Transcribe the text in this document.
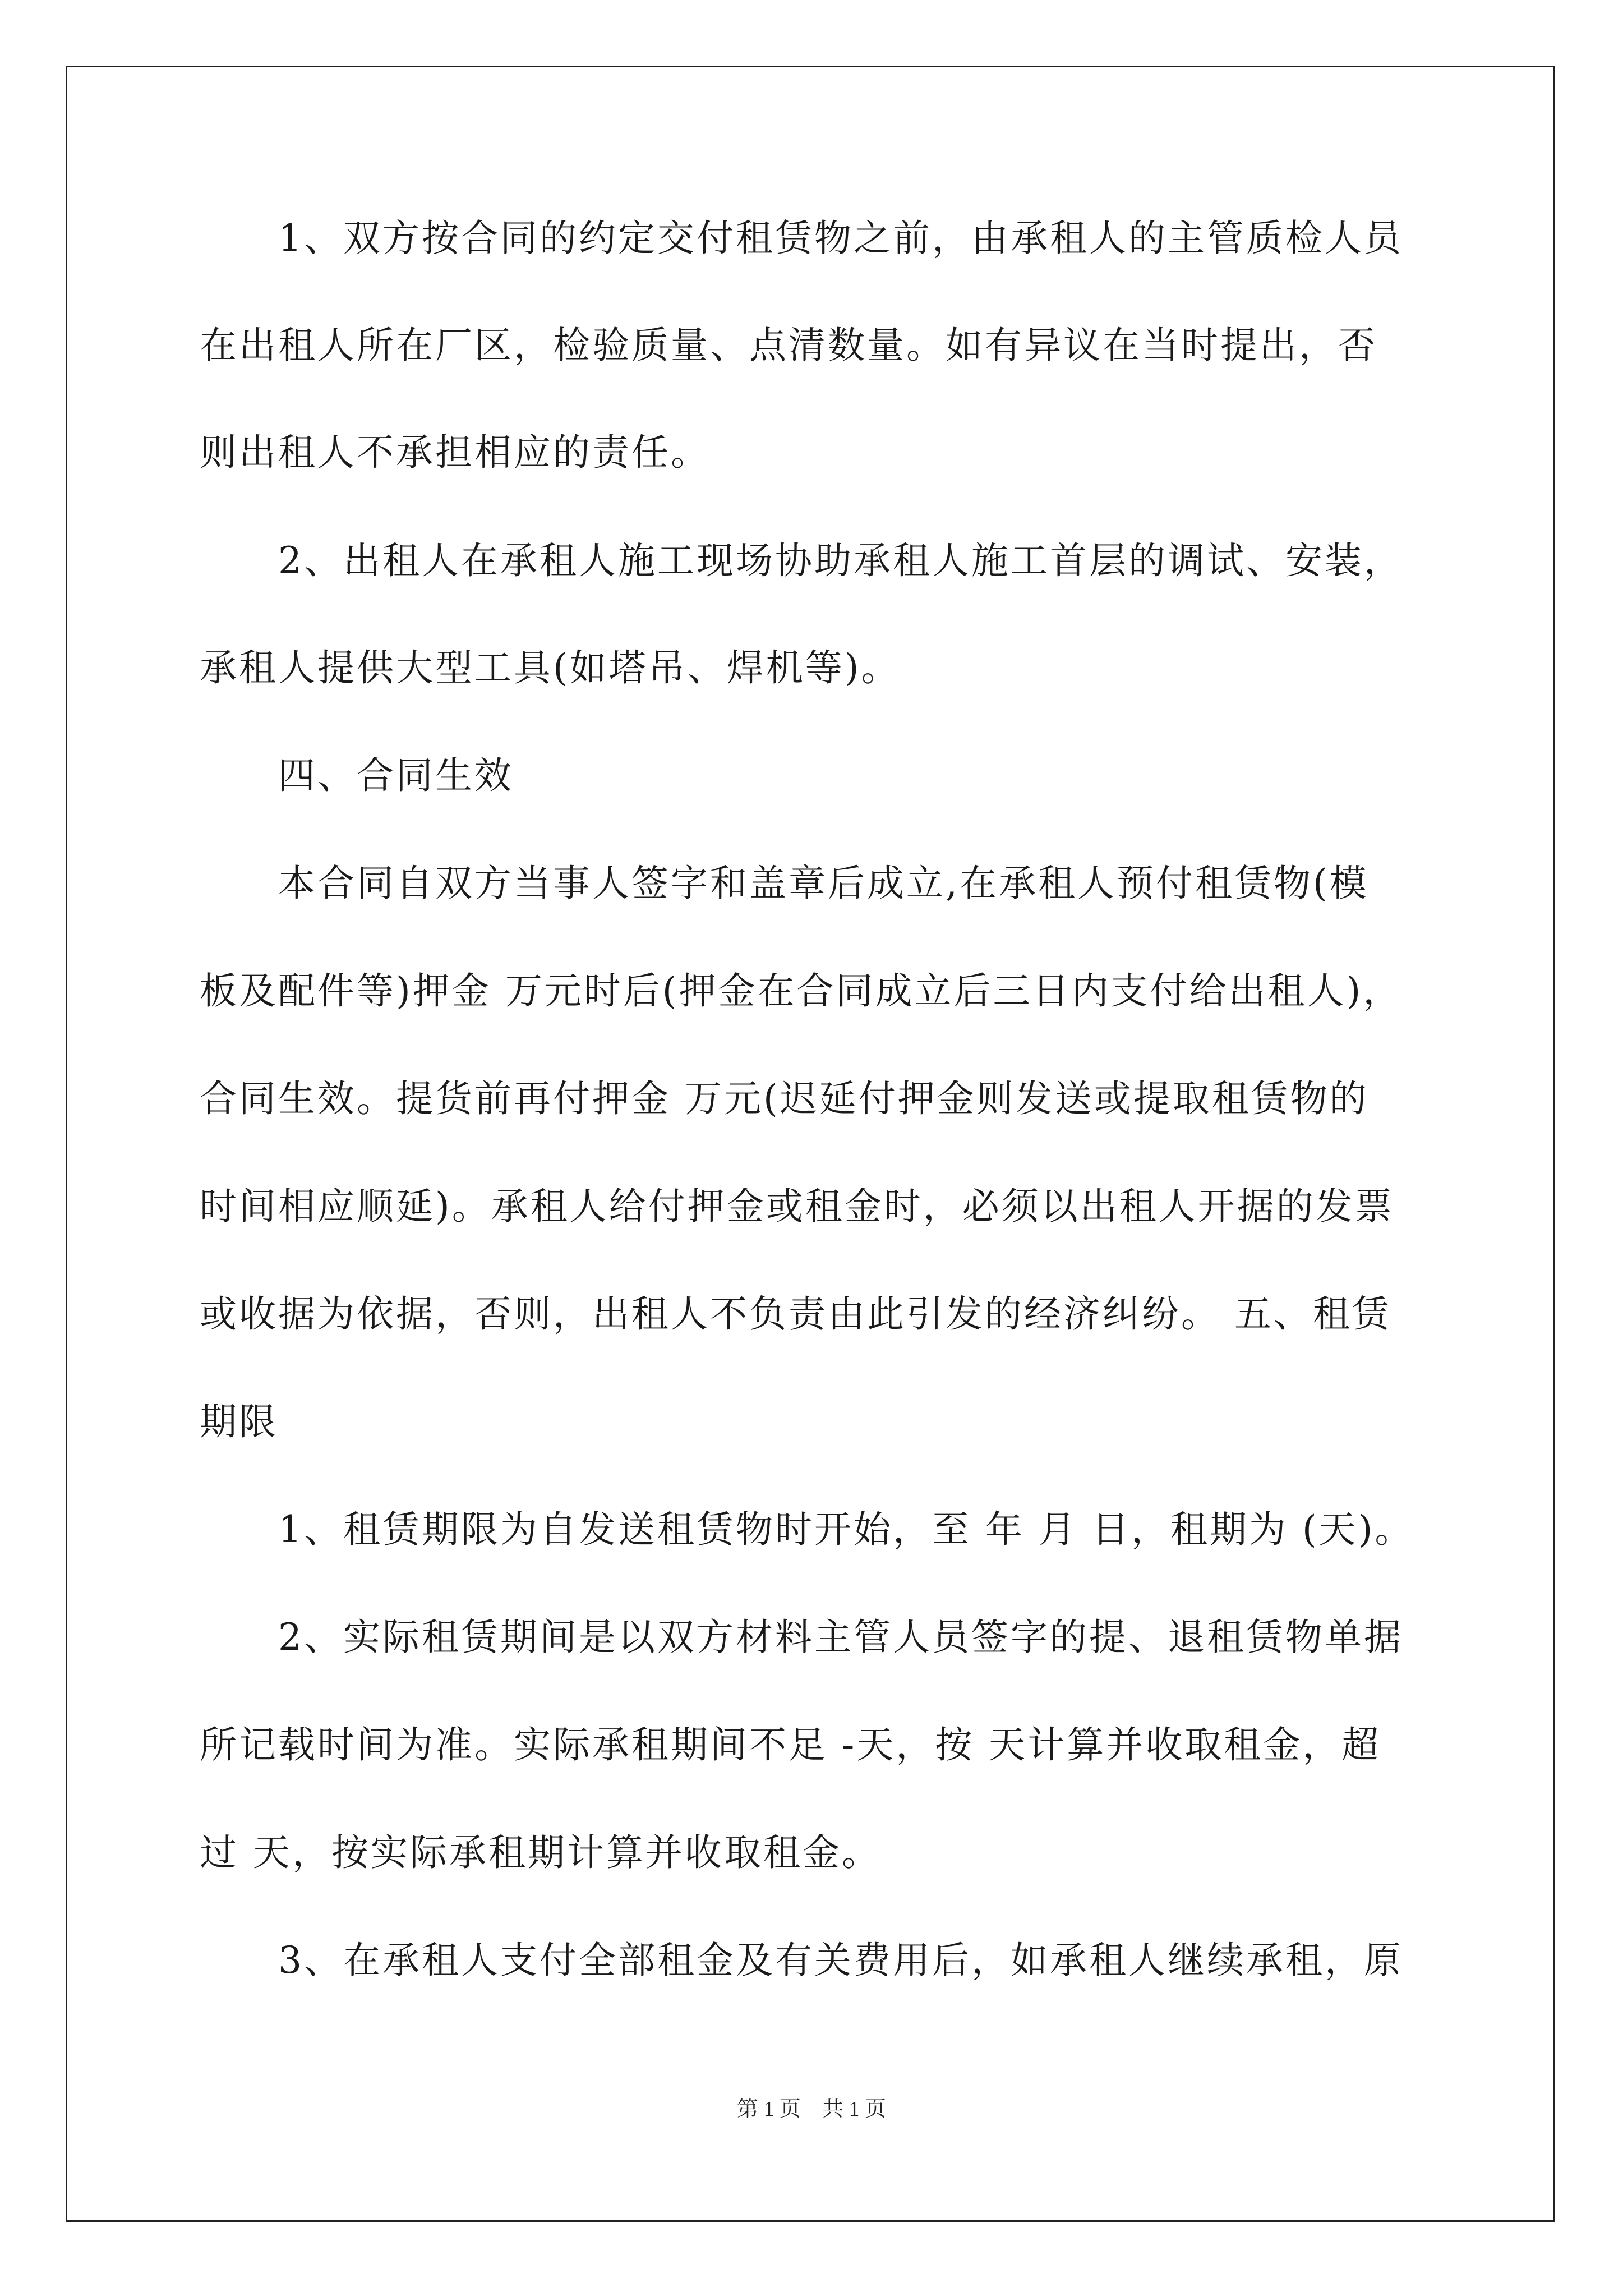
　　1、双方按合同的约定交付租赁物之前，由承租人的主管质检人员
在出租人所在厂区，检验质量、点清数量。如有异议在当时提出，否
则出租人不承担相应的责任。
　　2、出租人在承租人施工现场协助承租人施工首层的调试、安装，
承租人提供大型工具(如塔吊、焊机等)。
　　四、合同生效
　　本合同自双方当事人签字和盖章后成立,在承租人预付租赁物(模
板及配件等)押金 万元时后(押金在合同成立后三日内支付给出租人)，
合同生效。提货前再付押金 万元(迟延付押金则发送或提取租赁物的
时间相应顺延)。承租人给付押金或租金时，必须以出租人开据的发票
或收据为依据，否则，出租人不负责由此引发的经济纠纷。 五、租赁
期限
　　1、租赁期限为自发送租赁物时开始，至 年 月 日，租期为 (天)。
　　2、实际租赁期间是以双方材料主管人员签字的提、退租赁物单据
所记载时间为准。实际承租期间不足 -天，按 天计算并收取租金，超
过 天，按实际承租期计算并收取租金。
　　3、在承租人支付全部租金及有关费用后，如承租人继续承租，原
第 1 页　共 1 页
